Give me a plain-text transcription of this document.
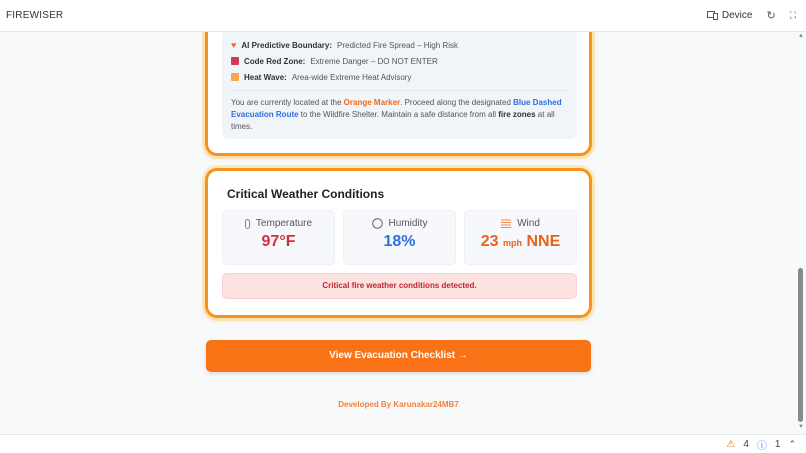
FIREWISER	Device ↻ ⛶
♥ AI Predictive Boundary: Predicted Fire Spread – High Risk
Code Red Zone: Extreme Danger – DO NOT ENTER
Heat Wave: Area-wide Extreme Heat Advisory

You are currently located at the Orange Marker. Proceed along the designated Blue Dashed Evacuation Route to the Wildfire Shelter. Maintain a safe distance from all fire zones at all times.

Critical Weather Conditions
Temperature
97°F
Humidity
18%
Wind
23 mph NNE
Critical fire weather conditions detected.
View Evacuation Checklist →
Developed By Karunakar24MB7
▲
▼
⚠ 4 ⓘ 1 ⌃
